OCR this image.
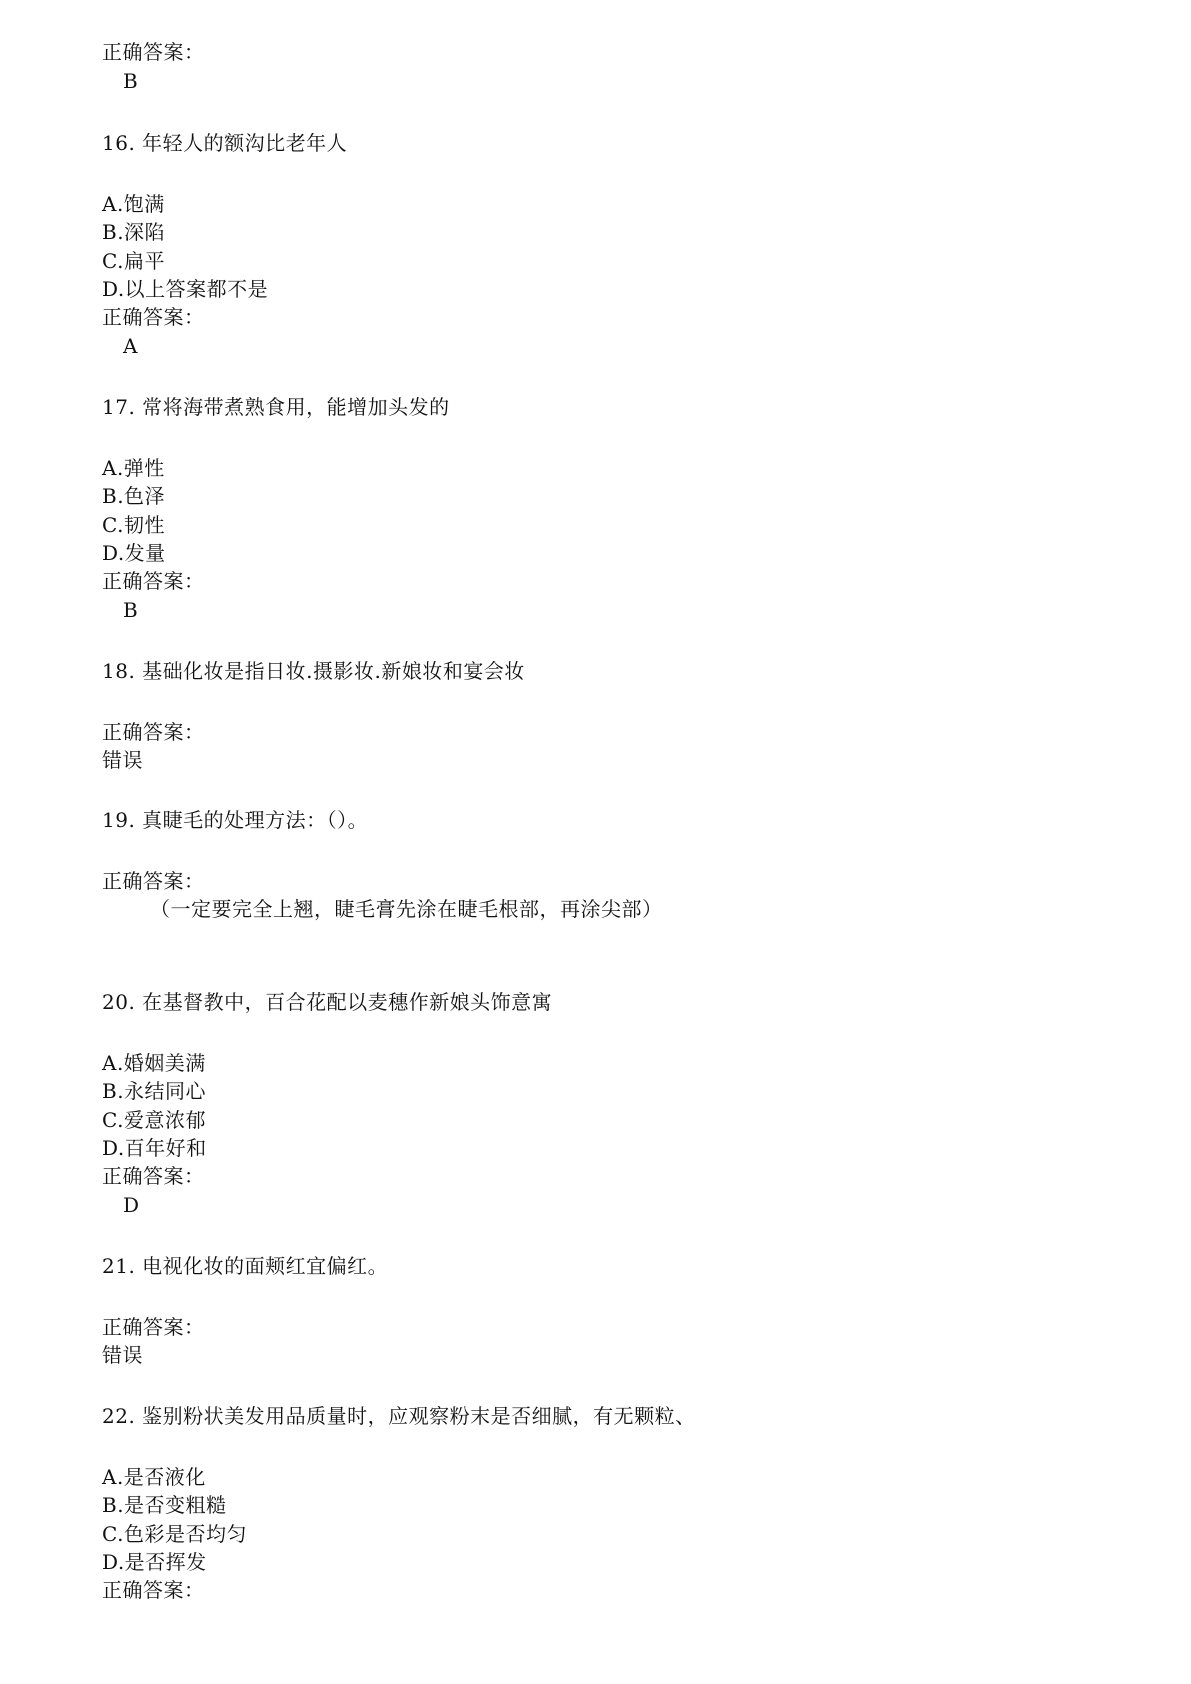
正确答案：
B
16. 年轻人的额沟比老年人
A.饱满
B.深陷
C.扁平
D.以上答案都不是
正确答案：
A
17. 常将海带煮熟食用，能增加头发的
A.弹性
B.色泽
C.韧性
D.发量
正确答案：
B
18. 基础化妆是指日妆.摄影妆.新娘妆和宴会妆
正确答案：
错误
19. 真睫毛的处理方法：（）。
正确答案：
（一定要完全上翘，睫毛膏先涂在睫毛根部，再涂尖部）
20. 在基督教中，百合花配以麦穗作新娘头饰意寓
A.婚姻美满
B.永结同心
C.爱意浓郁
D.百年好和
正确答案：
D
21. 电视化妆的面颊红宜偏红。
正确答案：
错误
22. 鉴别粉状美发用品质量时，应观察粉末是否细腻，有无颗粒、
A.是否液化
B.是否变粗糙
C.色彩是否均匀
D.是否挥发
正确答案：
